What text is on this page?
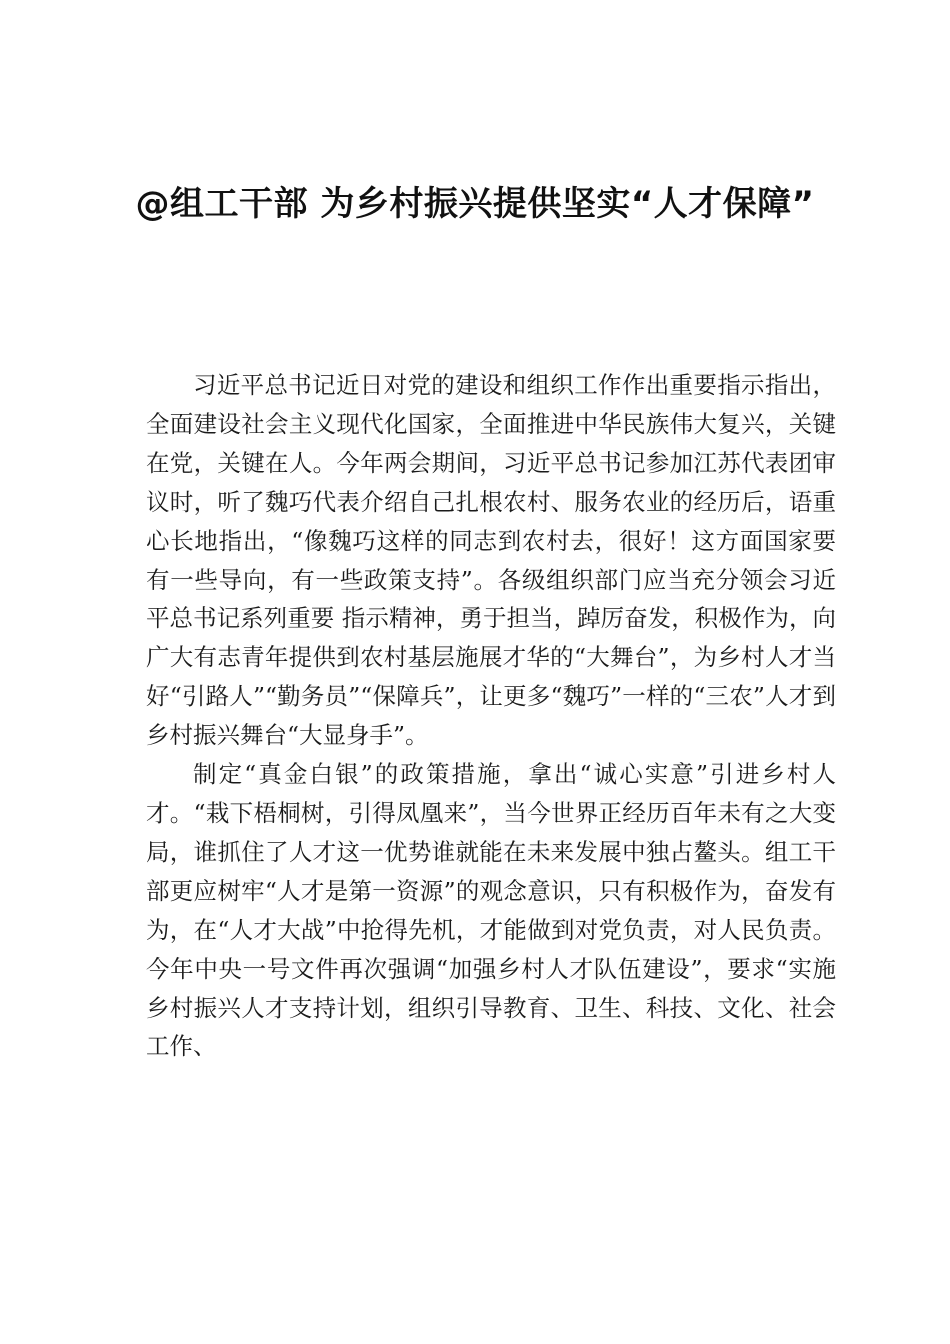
@组工干部 为乡村振兴提供坚实“人才保障”

习近平总书记近日对党的建设和组织工作作出重要指示指出，全面建设社会主义现代化国家，全面推进中华民族伟大复兴，关键在党，关键在人。今年两会期间，习近平总书记参加江苏代表团审议时，听了魏巧代表介绍自己扎根农村、服务农业的经历后，语重心长地指出，“像魏巧这样的同志到农村去，很好！这方面国家要有一些导向，有一些政策支持”。各级组织部门应当充分领会习近平总书记系列重要 指示精神，勇于担当，踔厉奋发，积极作为，向广大有志青年提供到农村基层施展才华的“大舞台”，为乡村人才当好“引路人”“勤务员”“保障兵”，让更多“魏巧”一样的“三农”人才到乡村振兴舞台“大显身手”。

制定“真金白银”的政策措施，拿出“诚心实意”引进乡村人才。“栽下梧桐树，引得凤凰来”，当今世界正经历百年未有之大变局，谁抓住了人才这一优势谁就能在未来发展中独占鳌头。组工干部更应树牢“人才是第一资源”的观念意识，只有积极作为，奋发有为，在“人才大战”中抢得先机，才能做到对党负责，对人民负责。今年中央一号文件再次强调“加强乡村人才队伍建设”，要求“实施乡村振兴人才支持计划，组织引导教育、卫生、科技、文化、社会工作、
